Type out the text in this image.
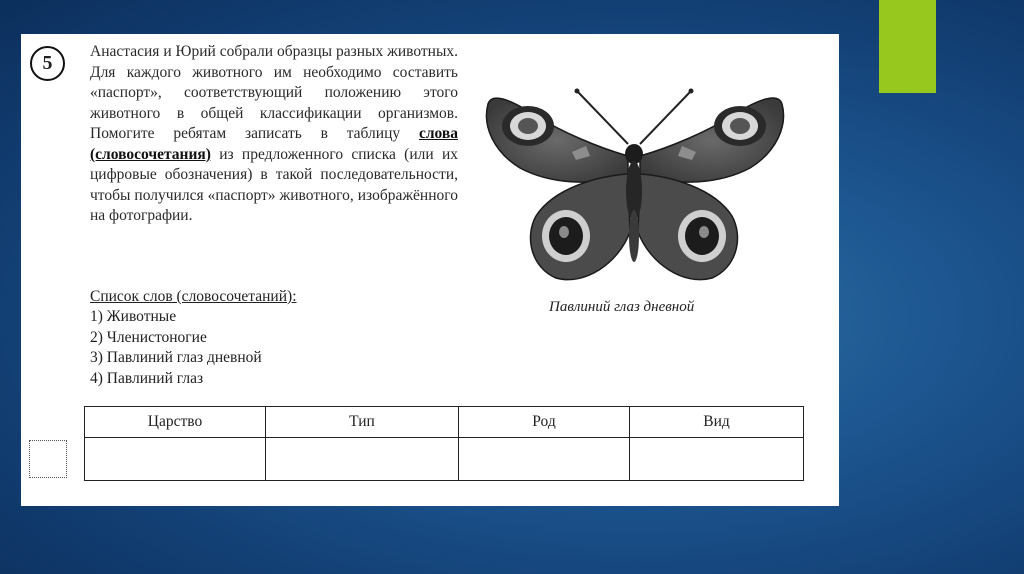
5
Анастасия и Юрий собрали образцы разных животных. Для каждого животного им необходимо составить «паспорт», соответствующий положению этого животного в общей классификации организмов. Помогите ребятам записать в таблицу слова (словосочетания) из предложенного списка (или их цифровые обозначения) в такой последовательности, чтобы получился «паспорт» животного, изображённого на фотографии.
Список слов (словосочетаний):
1) Животные
2) Членистоногие
3) Павлиний глаз дневной
4) Павлиний глаз
Павлиний глаз дневной
Царство	Тип	Род	Вид
